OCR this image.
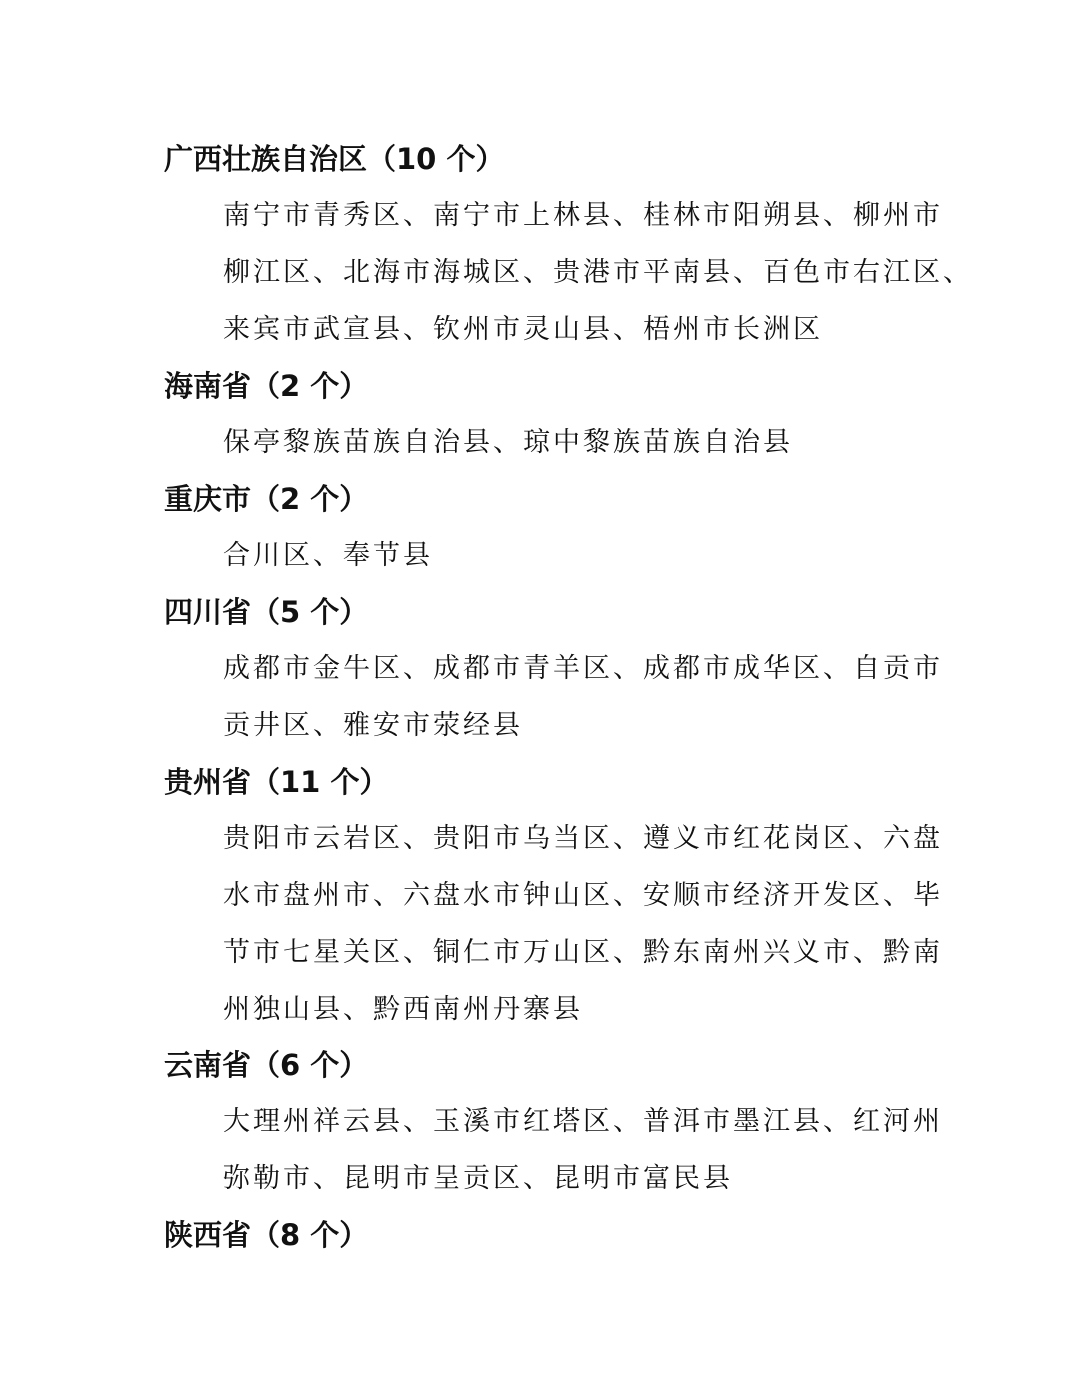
广西壮族自治区（10 个）
南宁市青秀区、南宁市上林县、桂林市阳朔县、柳州市
柳江区、北海市海城区、贵港市平南县、百色市右江区、
来宾市武宣县、钦州市灵山县、梧州市长洲区
海南省（2 个）
保亭黎族苗族自治县、琼中黎族苗族自治县
重庆市（2 个）
合川区、奉节县
四川省（5 个）
成都市金牛区、成都市青羊区、成都市成华区、自贡市
贡井区、雅安市荥经县
贵州省（11 个）
贵阳市云岩区、贵阳市乌当区、遵义市红花岗区、六盘
水市盘州市、六盘水市钟山区、安顺市经济开发区、毕
节市七星关区、铜仁市万山区、黔东南州兴义市、黔南
州独山县、黔西南州丹寨县
云南省（6 个）
大理州祥云县、玉溪市红塔区、普洱市墨江县、红河州
弥勒市、昆明市呈贡区、昆明市富民县
陕西省（8 个）
